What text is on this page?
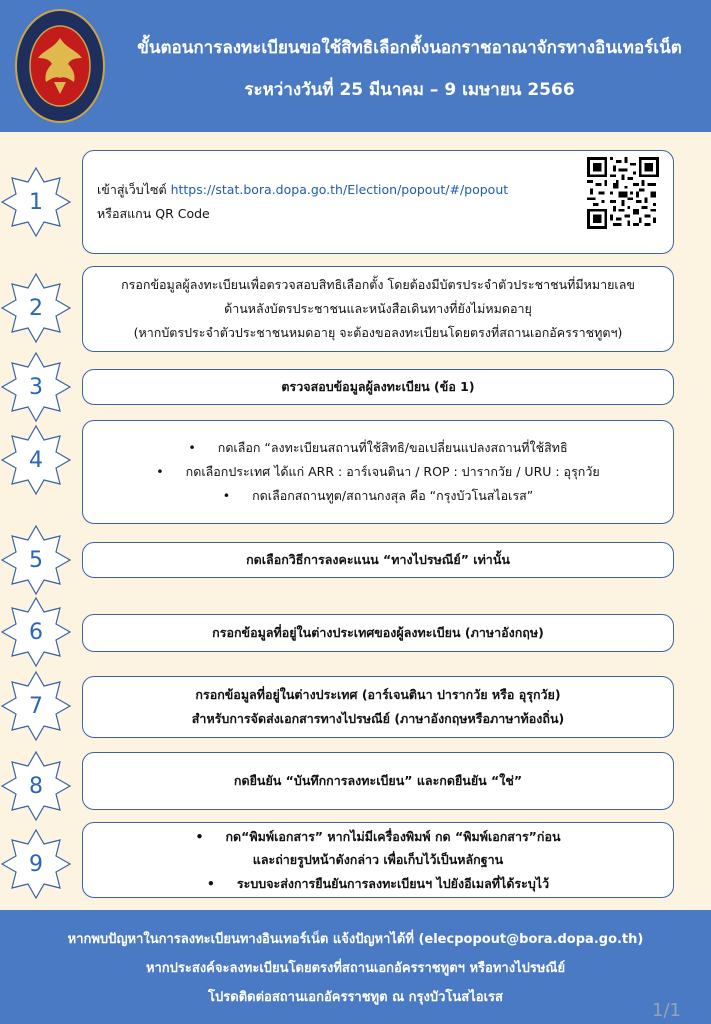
ขั้นตอนการลงทะเบียนขอใช้สิทธิเลือกตั้งนอกราชอาณาจักรทางอินเทอร์เน็ต
ระหว่างวันที่ 25 มีนาคม – 9 เมษายน 2566
1	เข้าสู่เว็บไซต์ https://stat.bora.dopa.go.th/Election/popout/#/popout
หรือสแกน QR Code
2
กรอกข้อมูลผู้ลงทะเบียนเพื่อตรวจสอบสิทธิเลือกตั้ง โดยต้องมีบัตรประจำตัวประชาชนที่มีหมายเลข
ด้านหลังบัตรประชาชนและหนังสือเดินทางที่ยังไม่หมดอายุ
(หากบัตรประจำตัวประชาชนหมดอายุ จะต้องขอลงทะเบียนโดยตรงที่สถานเอกอัครราชทูตฯ)
3	ตรวจสอบข้อมูลผู้ลงทะเบียน (ข้อ 1)
4
•	กดเลือก “ลงทะเบียนสถานที่ใช้สิทธิ/ขอเปลี่ยนแปลงสถานที่ใช้สิทธิ
• กดเลือกประเทศ ได้แก่ ARR : อาร์เจนตินา / ROP : ปารากวัย / URU : อุรุกวัย
• กดเลือกสถานทูต/สถานกงสุล คือ “กรุงบัวโนสไอเรส”
5	กดเลือกวิธีการลงคะแนน “ทางไปรษณีย์” เท่านั้น
6	กรอกข้อมูลที่อยู่ในต่างประเทศของผู้ลงทะเบียน (ภาษาอังกฤษ)
7	กรอกข้อมูลที่อยู่ในต่างประเทศ (อาร์เจนตินา ปารากวัย หรือ อุรุกวัย)
สำหรับการจัดส่งเอกสารทางไปรษณีย์ (ภาษาอังกฤษหรือภาษาท้องถิ่น)
8	กดยืนยัน “บันทึกการลงทะเบียน” และกดยืนยัน “ใช่”
9
• กด“พิมพ์เอกสาร” หากไม่มีเครื่องพิมพ์ กด “พิมพ์เอกสาร”ก่อน
และถ่ายรูปหน้าดังกล่าว เพื่อเก็บไว้เป็นหลักฐาน
• ระบบจะส่งการยืนยันการลงทะเบียนฯ ไปยังอีเมลที่ได้ระบุไว้
หากพบปัญหาในการลงทะเบียนทางอินเทอร์เน็ต แจ้งปัญหาได้ที่ (elecpopout@bora.dopa.go.th)
หากประสงค์จะลงทะเบียนโดยตรงที่สถานเอกอัครราชทูตฯ หรือทางไปรษณีย์
โปรดติดต่อสถานเอกอัครราชทูต ณ กรุงบัวโนสไอเรส
1/1
